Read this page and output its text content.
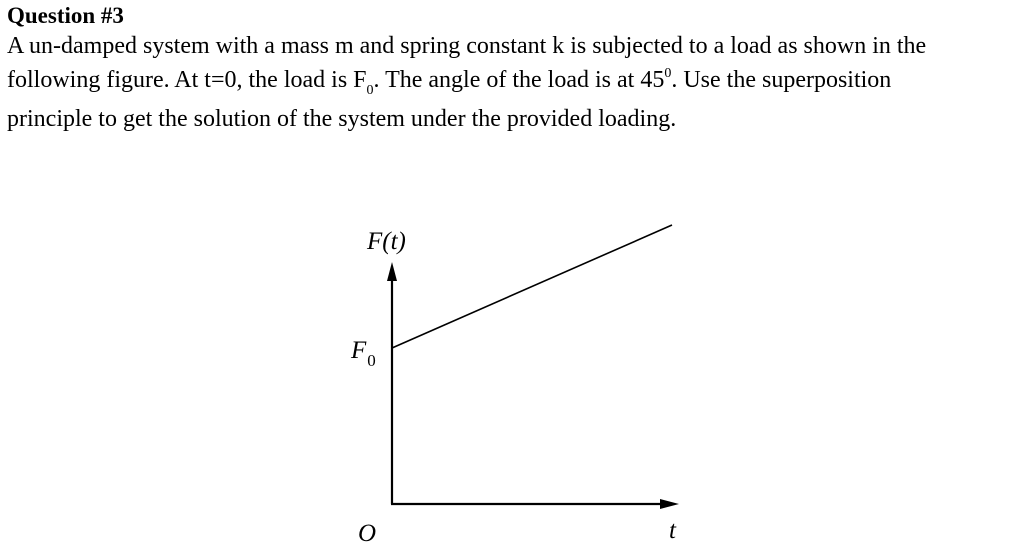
Question #3
A un-damped system with a mass m and spring constant k is subjected to a load as shown in the
following figure. At t=0, the load is $F_0$. The angle of the load is at $45^0$. Use the superposition
principle to get the solution of the system under the provided loading.
F(t)
$F_0$
O	t
